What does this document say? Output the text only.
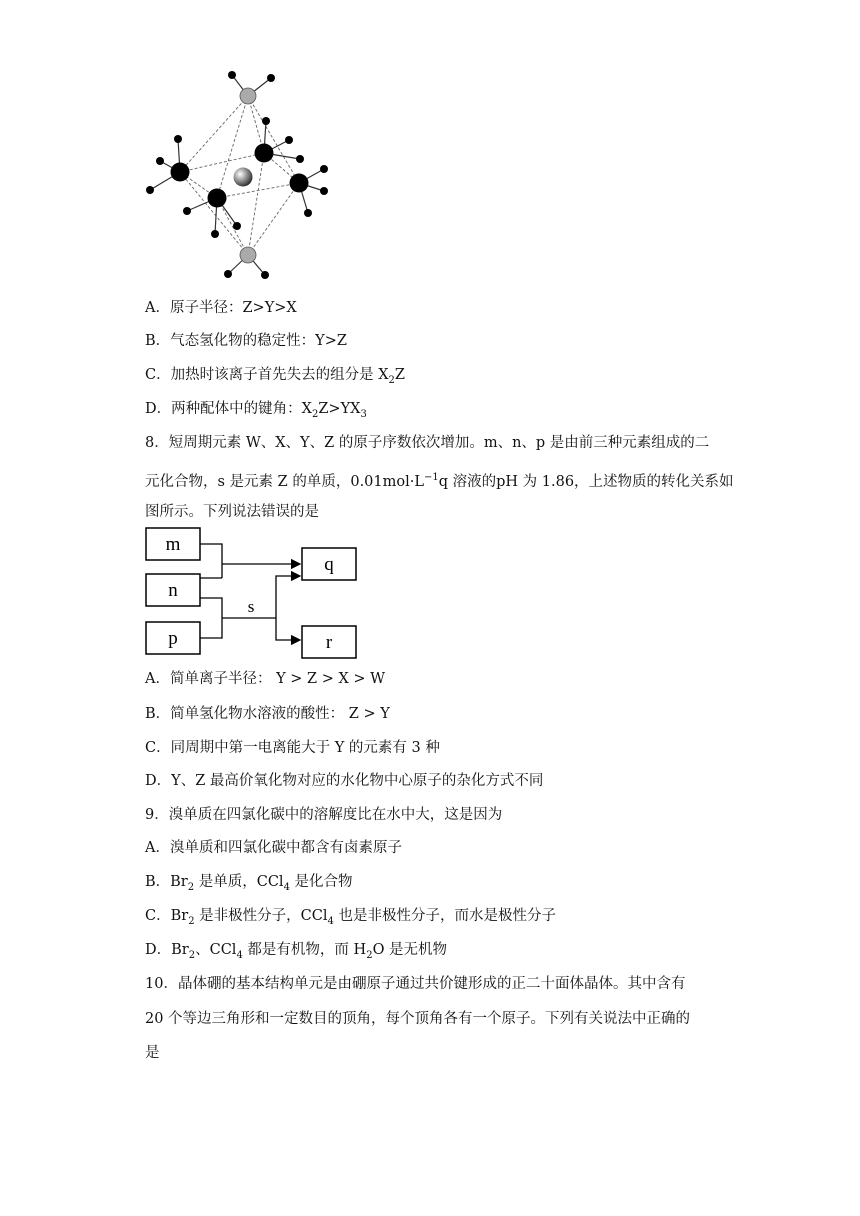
A．原子半径：Z>Y>X
B．气态氢化物的稳定性：Y>Z
C．加热时该离子首先失去的组分是 $X_2Z$
D．两种配体中的键角：$X_2Z>YX_3$
8．短周期元素 W、X、Y、Z 的原子序数依次增加。m、n、p 是由前三种元素组成的二
元化合物，s 是元素 Z 的单质，$0.01mol\cdot L^{-1}q$ 溶液的pH 为 1.86，上述物质的转化关系如
图所示。下列说法错误的是
m
n
p
q
r
s
A．简单离子半径： Y > Z > X > W
B．简单氢化物水溶液的酸性： Z > Y
C．同周期中第一电离能大于 Y 的元素有 3 种
D．Y、Z 最高价氧化物对应的水化物中心原子的杂化方式不同
9．溴单质在四氯化碳中的溶解度比在水中大，这是因为
A．溴单质和四氯化碳中都含有卤素原子
B．$Br_2$ 是单质，CCl$_4$ 是化合物
C．$Br_2$ 是非极性分子，CCl$_4$ 也是非极性分子，而水是极性分子
D．$Br_2$、CCl$_4$ 都是有机物，而 $H_2O$ 是无机物
10．晶体硼的基本结构单元是由硼原子通过共价键形成的正二十面体晶体。其中含有
20 个等边三角形和一定数目的顶角，每个顶角各有一个原子。下列有关说法中正确的
是
